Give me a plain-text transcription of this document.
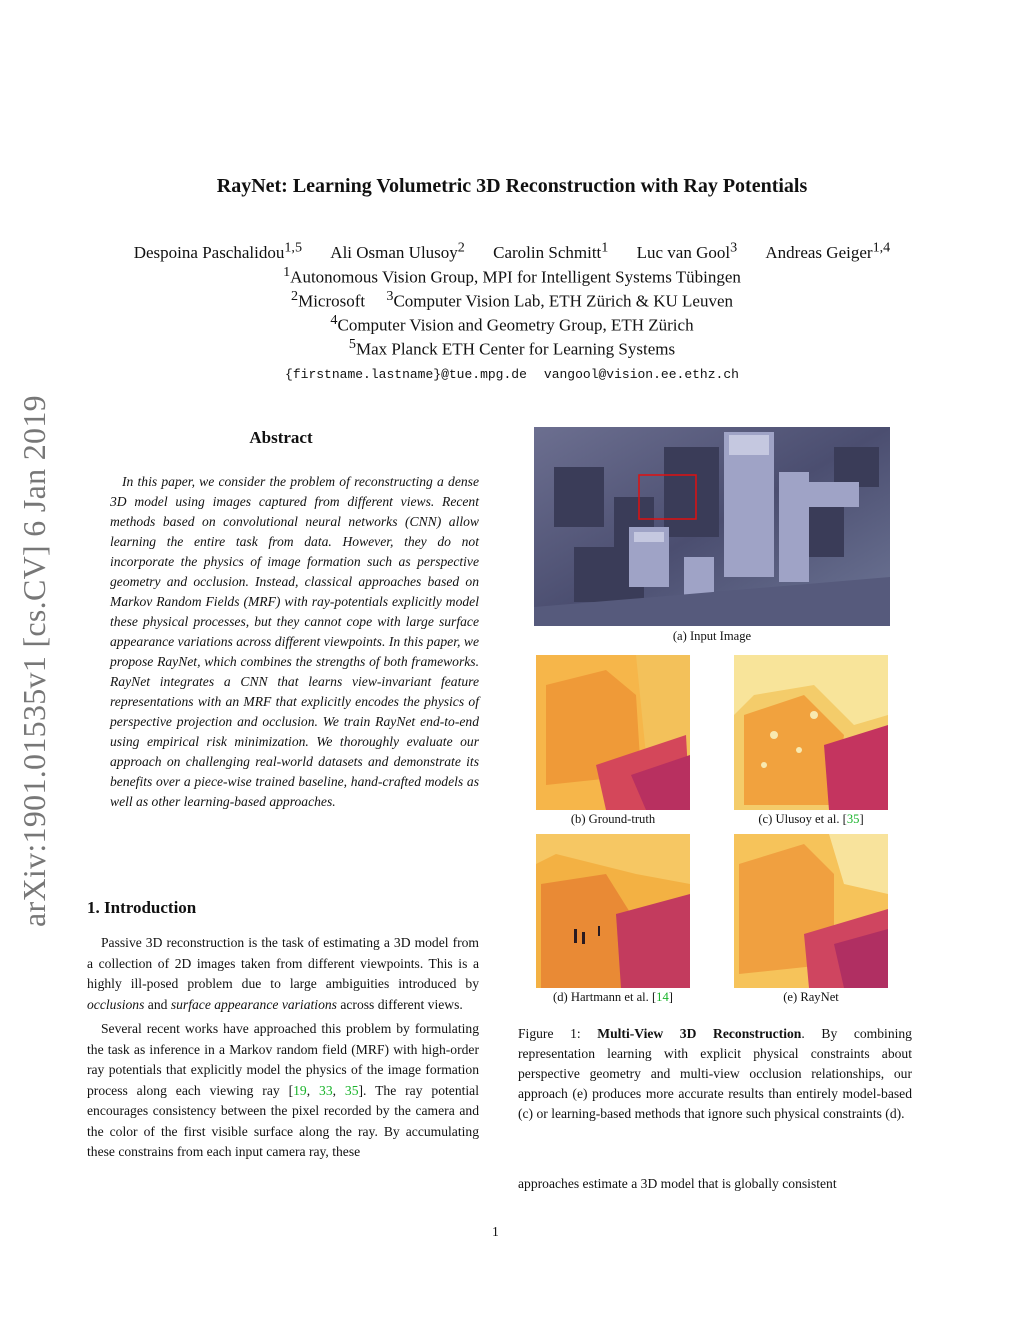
arXiv:1901.01535v1 [cs.CV] 6 Jan 2019
RayNet: Learning Volumetric 3D Reconstruction with Ray Potentials
Despoina Paschalidou$^{1,5}$ Ali Osman Ulusoy$^2$ Carolin Schmitt$^1$ Luc van Gool$^3$ Andreas Geiger$^{1,4}$
$^1$Autonomous Vision Group, MPI for Intelligent Systems Tübingen
$^2$Microsoft $^3$Computer Vision Lab, ETH Zürich & KU Leuven
$^4$Computer Vision and Geometry Group, ETH Zürich
$^5$Max Planck ETH Center for Learning Systems
{firstname.lastname}@tue.mpg.de vangool@vision.ee.ethz.ch
Abstract
In this paper, we consider the problem of reconstructing a dense 3D model using images captured from different views. Recent methods based on convolutional neural networks (CNN) allow learning the entire task from data. However, they do not incorporate the physics of image formation such as perspective geometry and occlusion. Instead, classical approaches based on Markov Random Fields (MRF) with ray-potentials explicitly model these physical processes, but they cannot cope with large surface appearance variations across different viewpoints. In this paper, we propose RayNet, which combines the strengths of both frameworks. RayNet integrates a CNN that learns view-invariant feature representations with an MRF that explicitly encodes the physics of perspective projection and occlusion. We train RayNet end-to-end using empirical risk minimization. We thoroughly evaluate our approach on challenging real-world datasets and demonstrate its benefits over a piece-wise trained baseline, hand-crafted models as well as other learning-based approaches.
1. Introduction

Passive 3D reconstruction is the task of estimating a 3D model from a collection of 2D images taken from different viewpoints. This is a highly ill-posed problem due to large ambiguities introduced by occlusions and surface appearance variations across different views.

Several recent works have approached this problem by formulating the task as inference in a Markov random field (MRF) with high-order ray potentials that explicitly model the physics of the image formation process along each viewing ray [19, 33, 35]. The ray potential encourages consistency between the pixel recorded by the camera and the color of the first visible surface along the ray. By accumulating these constrains from each input camera ray, these

(a) Input Image
(b) Ground-truth	(c) Ulusoy et al. [35]
(d) Hartmann et al. [14]	(e) RayNet
Figure 1: Multi-View 3D Reconstruction. By combining representation learning with explicit physical constraints about perspective geometry and multi-view occlusion relationships, our approach (e) produces more accurate results than entirely model-based (c) or learning-based methods that ignore such physical constraints (d).
approaches estimate a 3D model that is globally consistent
1
